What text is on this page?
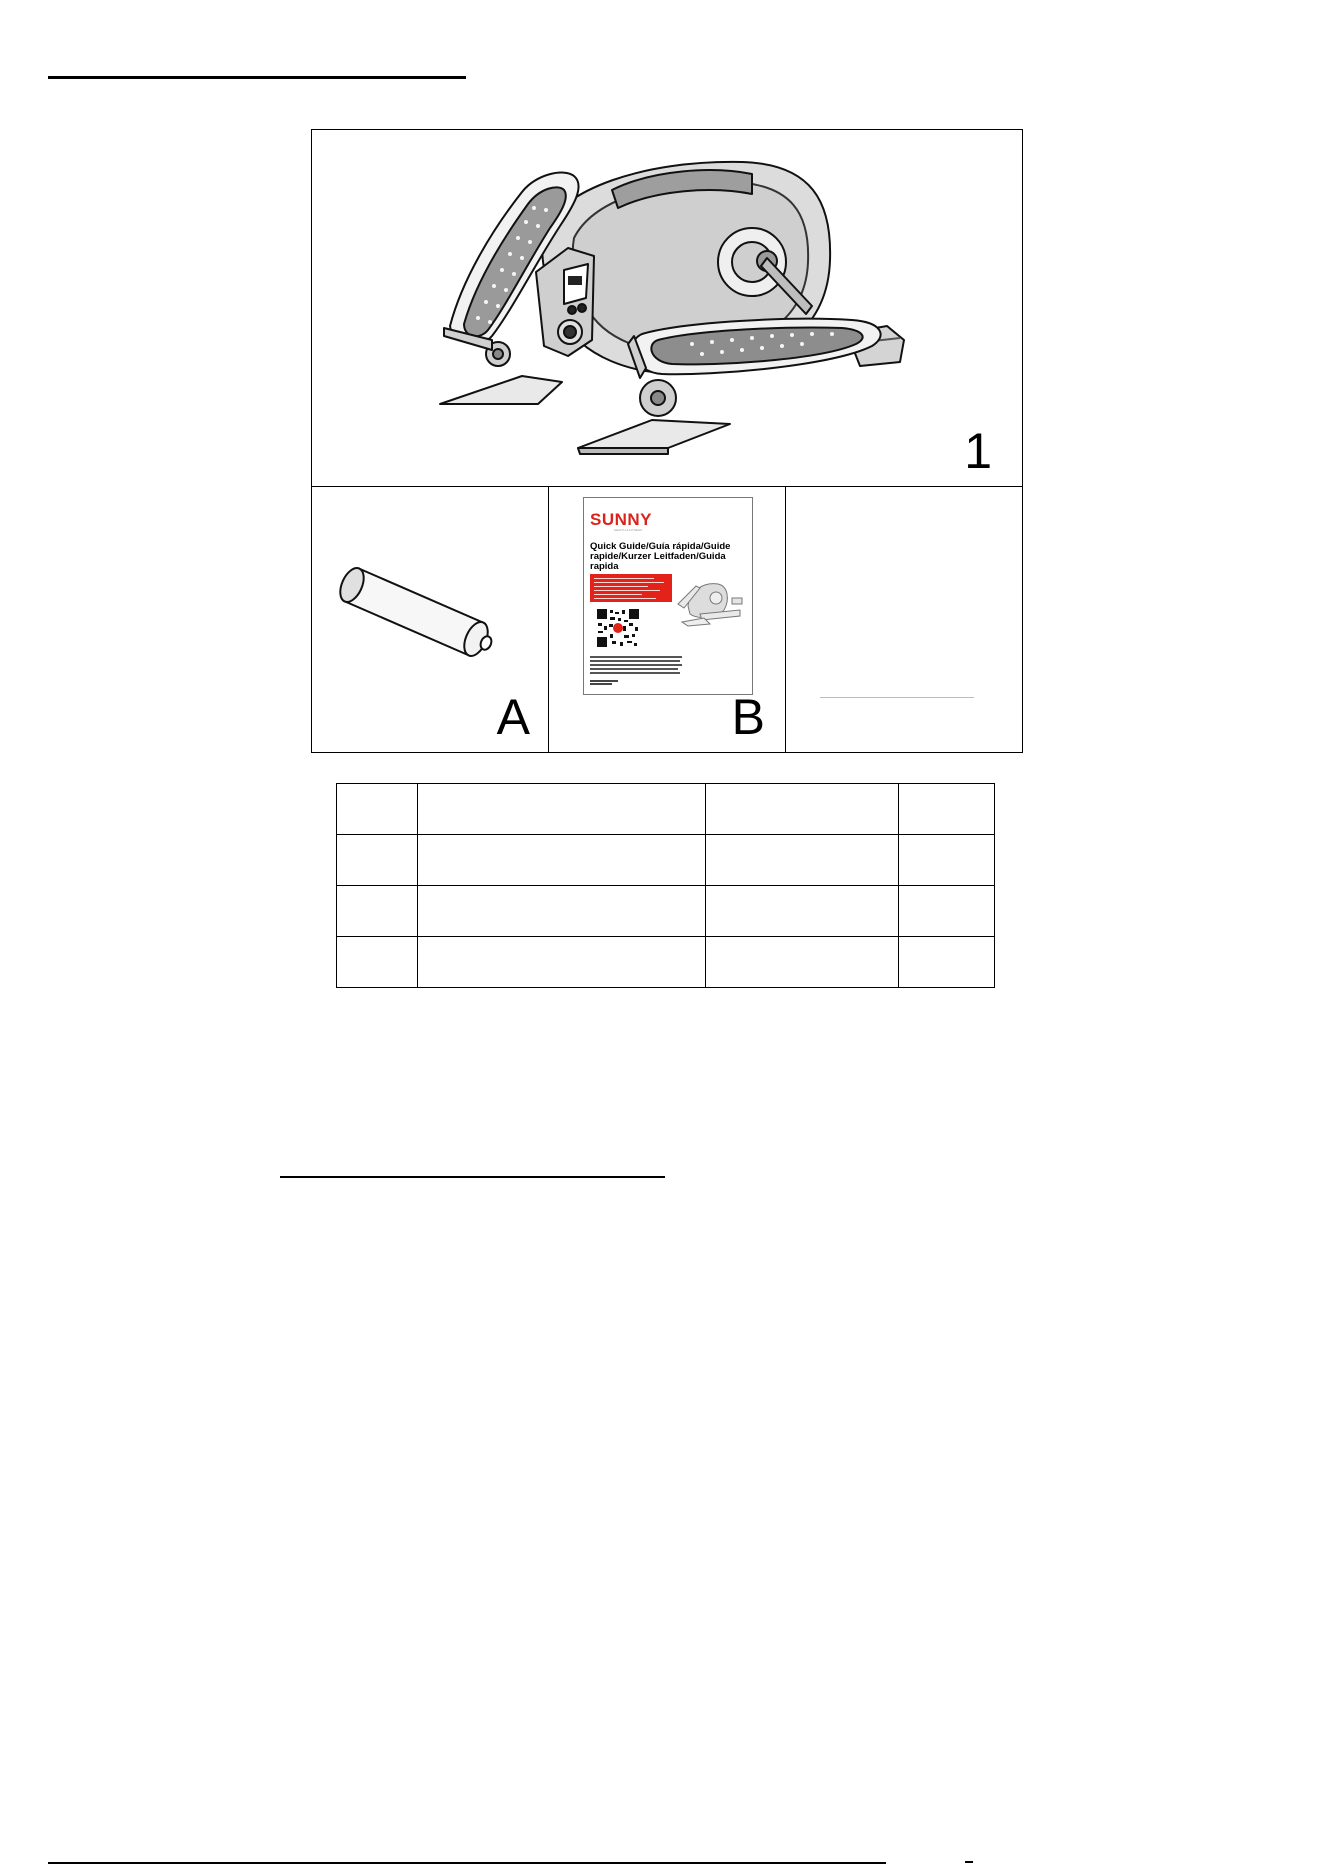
1
A
SUNNY
HEALTH & FITNESS
Quick Guide/Guía rápida/Guide rapide/Kurzer Leitfaden/Guida rapida
B
